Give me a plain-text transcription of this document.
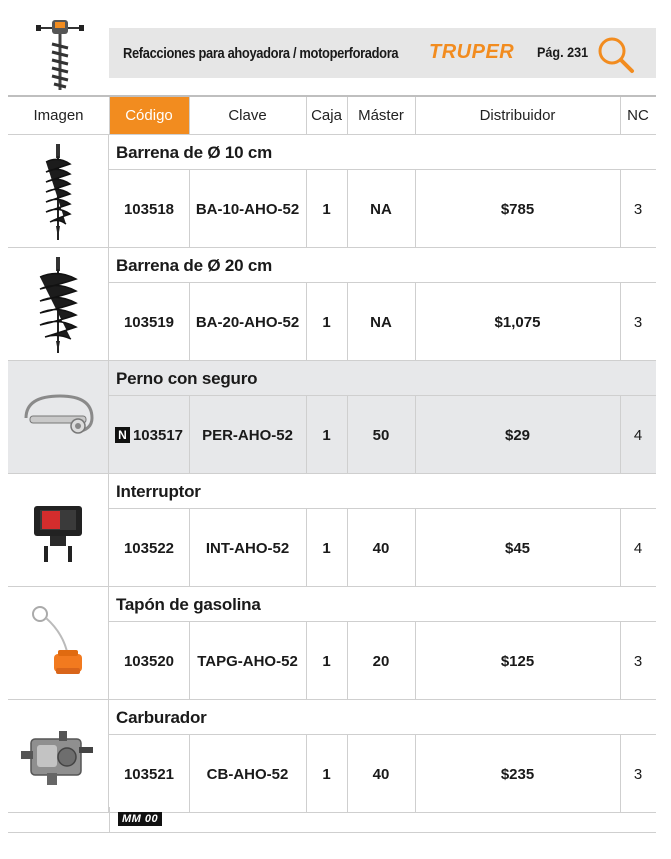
Refacciones para ahoyadora / motoperforadora TRUPER Pág. 231
Imagen	Código	Clave	Caja	Máster	Distribuidor	NC
Barrena de Ø 10 cm
103518	BA-10-AHO-52	1	NA	$785	3
Barrena de Ø 20 cm
103519	BA-20-AHO-52	1	NA	$1,075	3
Perno con seguro
N 103517	PER-AHO-52	1	50	$29	4
Interruptor
103522	INT-AHO-52	1	40	$45	4
Tapón de gasolina
103520	TAPG-AHO-52	1	20	$125	3
Carburador
103521	CB-AHO-52	1	40	$235	3
MM 00
